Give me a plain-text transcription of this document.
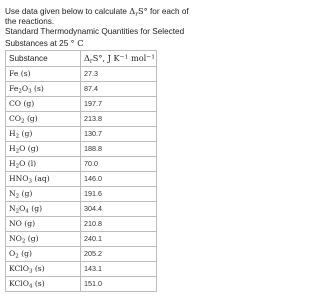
Use data given below to calculate $\Delta_rS^\circ$ for each of the reactions.

Standard Thermodynamic Quantities for Selected

Substances at 25 ° C

Substance	$\Delta_rS^\circ$, J $K^{-1}$ mol$^{-1}$
Fe (s)	27.3
$Fe_2O_3$ (s)	87.4
CO (g)	197.7
$CO_2$ (g)	213.8
$H_2$ (g)	130.7
$H_2O$ (g)	188.8
$H_2O$ (l)	70.0
$HNO_3$ (aq)	146.0
$N_2$ (g)	191.6
$N_2O_4$ (g)	304.4
NO (g)	210.8
$NO_2$ (g)	240.1
$O_2$ (g)	205.2
KClO$_3$ (s)	143.1
KClO$_4$ (s)	151.0
